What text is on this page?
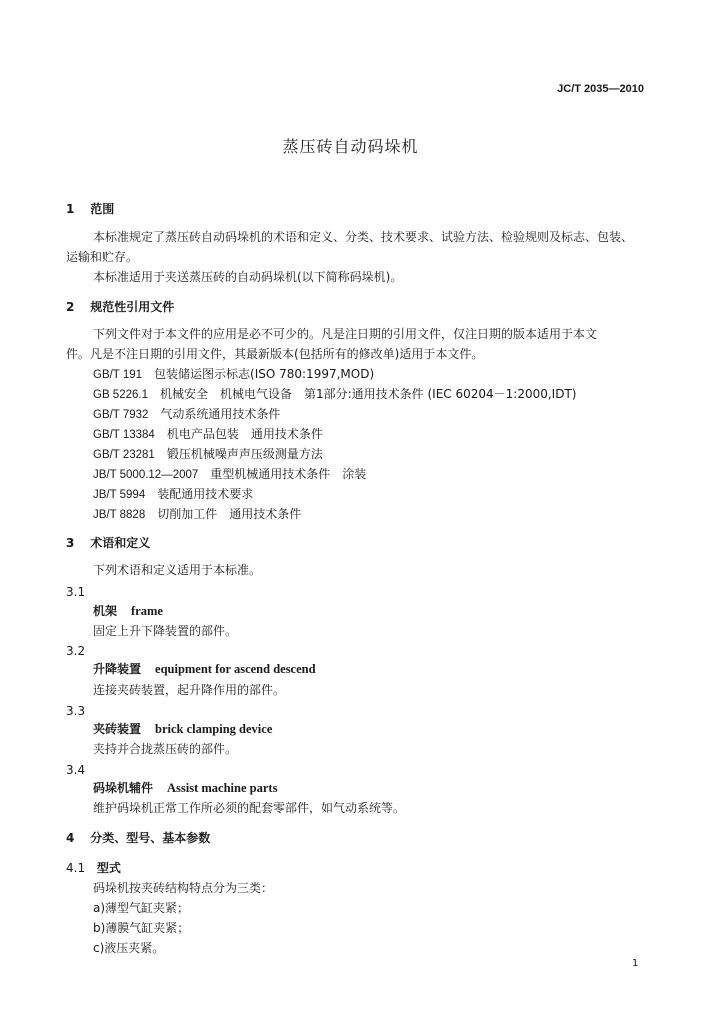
JC/T 2035—2010
蒸压砖自动码垛机
1 范围
本标准规定了蒸压砖自动码垛机的术语和定义、分类、技术要求、试验方法、检验规则及标志、包装、
运输和贮存。
本标准适用于夹送蒸压砖的自动码垛机(以下简称码垛机)。
2 规范性引用文件
下列文件对于本文件的应用是必不可少的。凡是注日期的引用文件，仅注日期的版本适用于本文
件。凡是不注日期的引用文件，其最新版本(包括所有的修改单)适用于本文件。
GB/T 191 包装储运图示标志(ISO 780:1997,MOD)
GB 5226.1 机械安全　机械电气设备　第1部分:通用技术条件 (IEC 60204－1:2000,IDT)
GB/T 7932 气动系统通用技术条件
GB/T 13384 机电产品包装　通用技术条件
GB/T 23281 锻压机械噪声声压级测量方法
JB/T 5000.12—2007 重型机械通用技术条件　涂装
JB/T 5994 装配通用技术要求
JB/T 8828 切削加工件　通用技术条件
3 术语和定义
下列术语和定义适用于本标准。
3.1
机架 frame
固定上升下降装置的部件。
3.2
升降装置 equipment for ascend descend
连接夹砖装置，起升降作用的部件。
3.3
夹砖装置 brick clamping device
夹持并合拢蒸压砖的部件。
3.4
码垛机辅件 Assist machine parts
维护码垛机正常工作所必须的配套零部件，如气动系统等。
4 分类、型号、基本参数
4.1 型式
码垛机按夹砖结构特点分为三类：
a)薄型气缸夹紧；
b)薄膜气缸夹紧；
c)液压夹紧。
1
